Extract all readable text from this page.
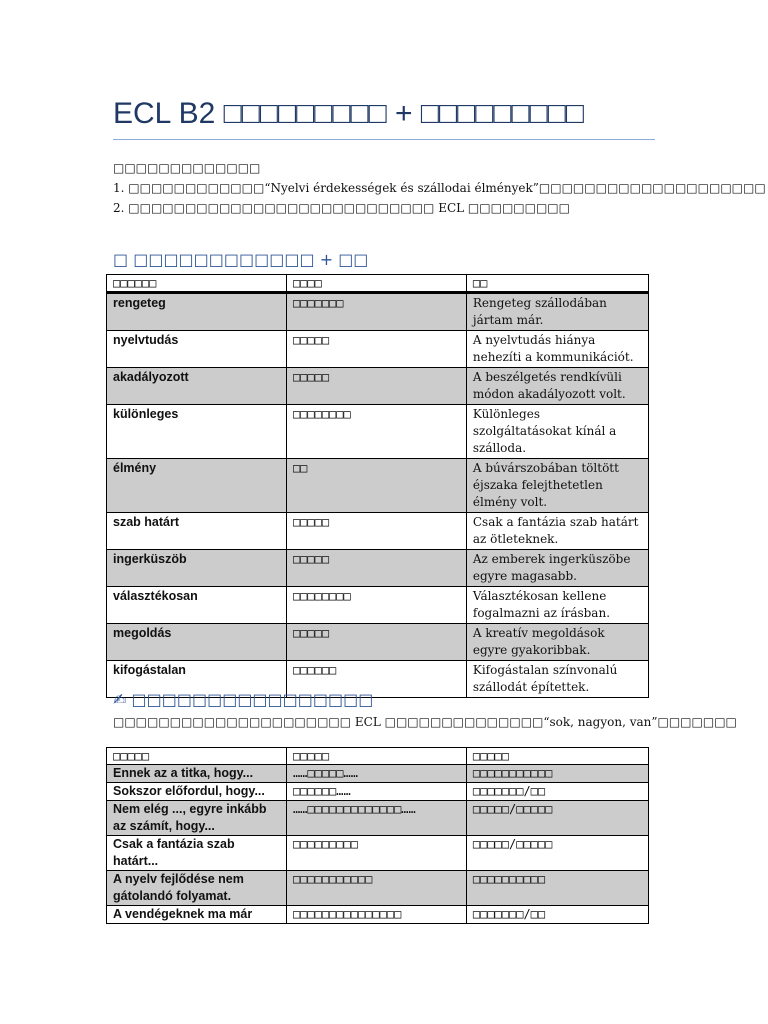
ECL B2 □□□□□□□□□ + □□□□□□□□□
□□□□□□□□□□□□□
1. □□□□□□□□□□□□“Nyelvi érdekességek és szállodai élmények”□□□□□□□□□□□□□□□□□□□□
2. □□□□□□□□□□□□□□□□□□□□□□□□□□□ ECL □□□□□□□□□
□ □□□□□□□□□□□□ + □□
□□□□□□	□□□□	□□
rengeteg	□□□□□□□	Rengeteg szállodában jártam már.
nyelvtudás	□□□□□	A nyelvtudás hiánya nehezíti a kommunikációt.
akadályozott	□□□□□	A beszélgetés rendkívüli módon akadályozott volt.
különleges	□□□□□□□□	Különleges szolgáltatásokat kínál a szálloda.
élmény	□□	A búvárszobában töltött éjszaka felejthetetlen élmény volt.
szab határt	□□□□□	Csak a fantázia szab határt az ötleteknek.
ingerküszöb	□□□□□	Az emberek ingerküszöbe egyre magasabb.
választékosan	□□□□□□□□	Választékosan kellene fogalmazni az írásban.
megoldás	□□□□□	A kreatív megoldások egyre gyakoribbak.
kifogástalan	□□□□□□	Kifogástalan színvonalú szállodát építettek.
✍ □□□□□□□□□□□□□□□□
□□□□□□□□□□□□□□□□□□□□□ ECL □□□□□□□□□□□□□□“sok, nagyon, van”□□□□□□□
□□□□□	□□□□□	□□□□□
Ennek az a titka, hogy...	……□□□□□……	□□□□□□□□□□□
Sokszor előfordul, hogy...	□□□□□□……	□□□□□□□/□□
Nem elég ..., egyre inkább az számít, hogy...	……□□□□□□□□□□□□□……	□□□□□/□□□□□
Csak a fantázia szab határt...	□□□□□□□□□	□□□□□/□□□□□
A nyelv fejlődése nem gátolandó folyamat.	□□□□□□□□□□□	□□□□□□□□□□
A vendégeknek ma már	□□□□□□□□□□□□□□□	□□□□□□□/□□
